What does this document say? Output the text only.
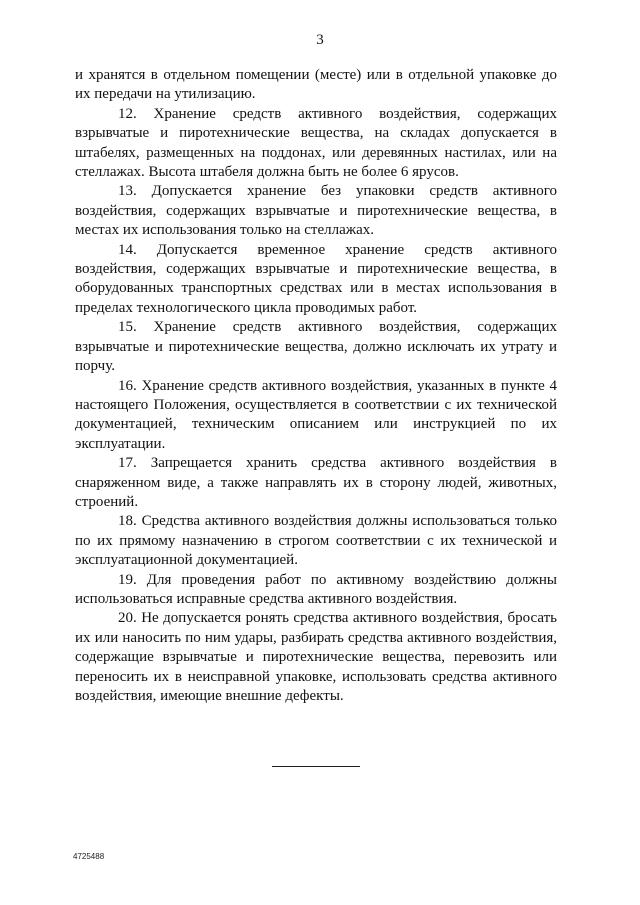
3

и хранятся в отдельном помещении (месте) или в отдельной упаковке до их передачи на утилизацию.

12. Хранение средств активного воздействия, содержащих взрывчатые и пиротехнические вещества, на складах допускается в штабелях, размещенных на поддонах, или деревянных настилах, или на стеллажах. Высота штабеля должна быть не более 6 ярусов.

13. Допускается хранение без упаковки средств активного воздействия, содержащих взрывчатые и пиротехнические вещества, в местах их использования только на стеллажах.

14. Допускается временное хранение средств активного воздействия, содержащих взрывчатые и пиротехнические вещества, в оборудованных транспортных средствах или в местах использования в пределах технологического цикла проводимых работ.

15. Хранение средств активного воздействия, содержащих взрывчатые и пиротехнические вещества, должно исключать их утрату и порчу.

16. Хранение средств активного воздействия, указанных в пункте 4 настоящего Положения, осуществляется в соответствии с их технической документацией, техническим описанием или инструкцией по их эксплуатации.

17. Запрещается хранить средства активного воздействия в снаряженном виде, а также направлять их в сторону людей, животных, строений.

18. Средства активного воздействия должны использоваться только по их прямому назначению в строгом соответствии с их технической и эксплуатационной документацией.

19. Для проведения работ по активному воздействию должны использоваться исправные средства активного воздействия.

20. Не допускается ронять средства активного воздействия, бросать их или наносить по ним удары, разбирать средства активного воздействия, содержащие взрывчатые и пиротехнические вещества, перевозить или переносить их в неисправной упаковке, использовать средства активного воздействия, имеющие внешние дефекты.

4725488
